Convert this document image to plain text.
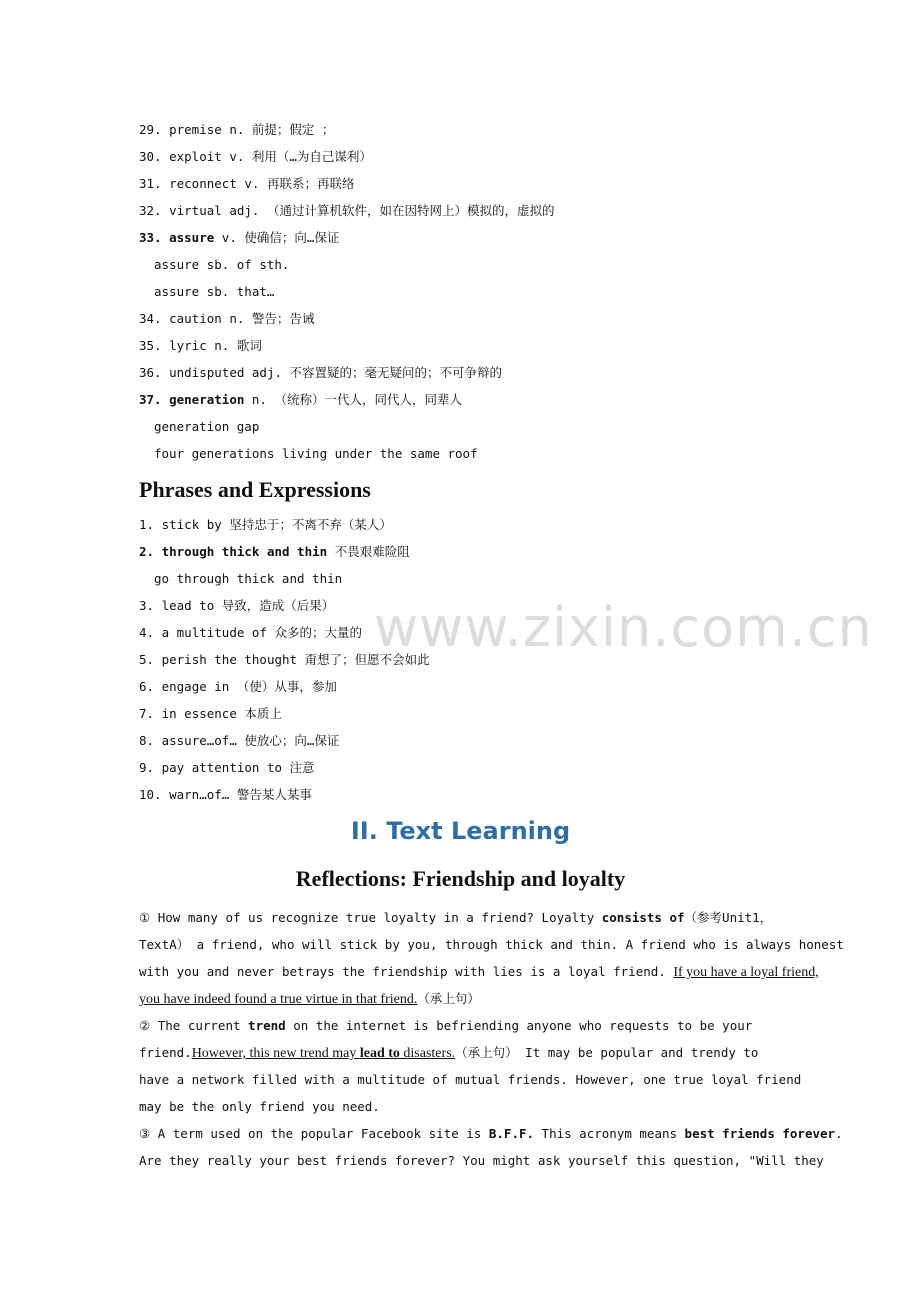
www.zixin.com.cn
29. premise n. 前提；假定 ；
30. exploit v. 利用（…为自己谋利）
31. reconnect v. 再联系；再联络
32. virtual adj. （通过计算机软件，如在因特网上）模拟的，虚拟的
33. assure v. 使确信；向…保证
assure sb. of sth.
assure sb. that…
34. caution n. 警告；告诫
35. lyric n. 歌词
36. undisputed adj. 不容置疑的；毫无疑问的；不可争辩的
37. generation n. （统称）一代人，同代人，同辈人
generation gap
four generations living under the same roof
Phrases and Expressions
1. stick by 坚持忠于；不离不弃（某人）
2. through thick and thin 不畏艰难险阻
go through thick and thin
3. lead to 导致，造成（后果）
4. a multitude of 众多的；大量的
5. perish the thought 甭想了；但愿不会如此
6. engage in （使）从事，参加
7. in essence 本质上
8. assure…of… 使放心；向…保证
9. pay attention to 注意
10. warn…of… 警告某人某事
II. Text Learning
Reflections: Friendship and loyalty
① How many of us recognize true loyalty in a friend? Loyalty consists of（参考Unit1，
TextA） a friend, who will stick by you, through thick and thin. A friend who is always honest
with you and never betrays the friendship with lies is a loyal friend. If you have a loyal friend,
you have indeed found a true virtue in that friend.（承上句）
② The current trend on the internet is befriending anyone who requests to be your
friend.However, this new trend may lead to disasters.（承上句） It may be popular and trendy to
have a network filled with a multitude of mutual friends. However, one true loyal friend
may be the only friend you need.
③ A term used on the popular Facebook site is B.F.F. This acronym means best friends forever.
Are they really your best friends forever? You might ask yourself this question, "Will they
